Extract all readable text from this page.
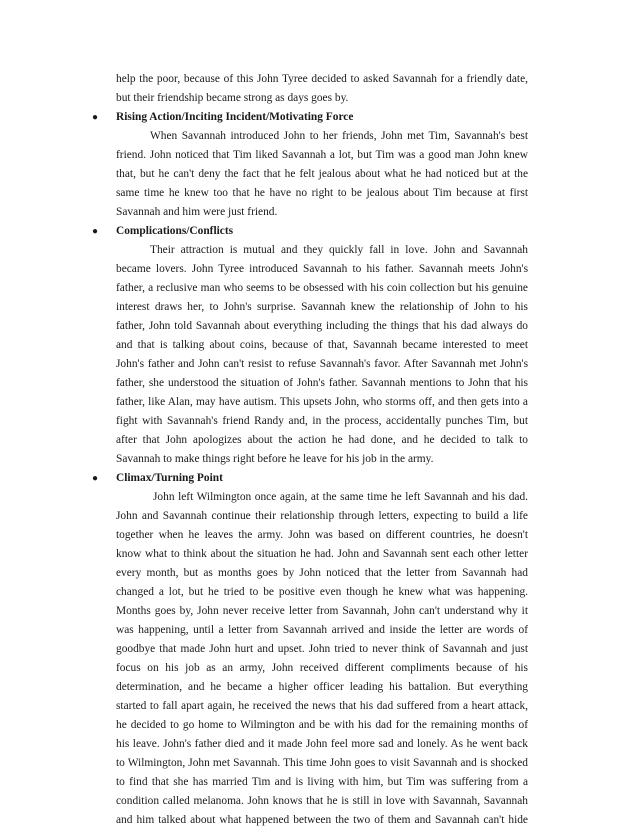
help the poor, because of this John Tyree decided to asked Savannah for a friendly date,
but their friendship became strong as days goes by.
● Rising Action/Inciting Incident/Motivating Force
When Savannah introduced John to her friends, John met Tim, Savannah's best
friend. John noticed that Tim liked Savannah a lot, but Tim was a good man John knew
that, but he can't deny the fact that he felt jealous about what he had noticed but at the
same time he knew too that he have no right to be jealous about Tim because at first
Savannah and him were just friend.
● Complications/Conflicts
Their attraction is mutual and they quickly fall in love. John and Savannah
became lovers. John Tyree introduced Savannah to his father. Savannah meets John's
father, a reclusive man who seems to be obsessed with his coin collection but his genuine
interest draws her, to John's surprise. Savannah knew the relationship of John to his
father, John told Savannah about everything including the things that his dad always do
and that is talking about coins, because of that, Savannah became interested to meet
John's father and John can't resist to refuse Savannah's favor. After Savannah met John's
father, she understood the situation of John's father. Savannah mentions to John that his
father, like Alan, may have autism. This upsets John, who storms off, and then gets into a
fight with Savannah's friend Randy and, in the process, accidentally punches Tim, but
after that John apologizes about the action he had done, and he decided to talk to
Savannah to make things right before he leave for his job in the army.
● Climax/Turning Point
John left Wilmington once again, at the same time he left Savannah and his dad.
John and Savannah continue their relationship through letters, expecting to build a life
together when he leaves the army. John was based on different countries, he doesn't
know what to think about the situation he had. John and Savannah sent each other letter
every month, but as months goes by John noticed that the letter from Savannah had
changed a lot, but he tried to be positive even though he knew what was happening.
Months goes by, John never receive letter from Savannah, John can't understand why it
was happening, until a letter from Savannah arrived and inside the letter are words of
goodbye that made John hurt and upset. John tried to never think of Savannah and just
focus on his job as an army, John received different compliments because of his
determination, and he became a higher officer leading his battalion. But everything
started to fall apart again, he received the news that his dad suffered from a heart attack,
he decided to go home to Wilmington and be with his dad for the remaining months of
his leave. John's father died and it made John feel more sad and lonely. As he went back
to Wilmington, John met Savannah. This time John goes to visit Savannah and is shocked
to find that she has married Tim and is living with him, but Tim was suffering from a
condition called melanoma. John knows that he is still in love with Savannah, Savannah
and him talked about what happened between the two of them and Savannah can't hide
